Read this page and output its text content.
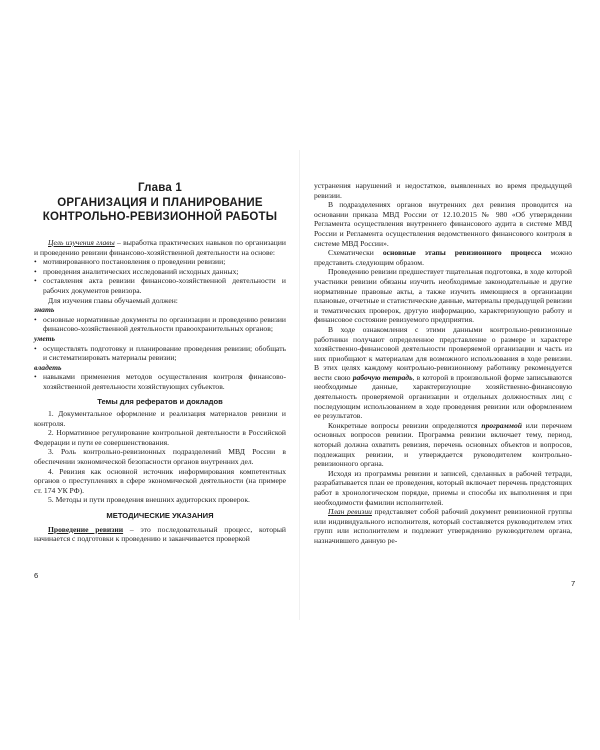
Глава 1
ОРГАНИЗАЦИЯ И ПЛАНИРОВАНИЕ
КОНТРОЛЬНО-РЕВИЗИОННОЙ РАБОТЫ

Цель изучения главы – выработка практических навыков по организации и проведению ревизии финансово-хозяйственной деятельности на основе:

• мотивированного постановления о проведении ревизии;
• проведения аналитических исследований исходных данных;
• составления акта ревизии финансово-хозяйственной деятельности и рабочих документов ревизора.

Для изучения главы обучаемый должен:

знать

• основные нормативные документы по организации и проведению ревизии финансово-хозяйственной деятельности правоохранительных органов;

уметь

• осуществлять подготовку и планирование проведения ревизии; обобщать и систематизировать материалы ревизии;

владеть

• навыками применения методов осуществления контроля финансово-хозяйственной деятельности хозяйствующих субъектов.
Темы для рефератов и докладов

1. Документальное оформление и реализация материалов ревизии и контроля.

2. Нормативное регулирование контрольной деятельности в Российской Федерации и пути ее совершенствования.

3. Роль контрольно-ревизионных подразделений МВД России в обеспечении экономической безопасности органов внутренних дел.

4. Ревизия как основной источник информирования компетентных органов о преступлениях в сфере экономической деятельности (на примере ст. 174 УК РФ).

5. Методы и пути проведения внешних аудиторских проверок.

МЕТОДИЧЕСКИЕ УКАЗАНИЯ

Проведение ревизии – это последовательный процесс, который начинается с подготовки к проведению и заканчивается проверкой

6

устранения нарушений и недостатков, выявленных во время предыдущей ревизии.

В подразделениях органов внутренних дел ревизия проводится на основании приказа МВД России от 12.10.2015 № 980 «Об утверждении Регламента осуществления внутреннего финансового аудита в системе МВД России и Регламента осуществления ведомственного финансового контроля в системе МВД России».

Схематически основные этапы ревизионного процесса можно представить следующим образом.

Проведению ревизии предшествует тщательная подготовка, в ходе которой участники ревизии обязаны изучить необходимые законодательные и другие нормативные правовые акты, а также изучить имеющиеся в организации плановые, отчетные и статистические данные, материалы предыдущей ревизии и тематических проверок, другую информацию, характеризующую работу и финансовое состояние ревизуемого предприятия.

В ходе ознакомления с этими данными контрольно-ревизионные работники получают определенное представление о размере и характере хозяйственно-финансовой деятельности проверяемой организации и часть из них приобщают к материалам для возможного использования в ходе ревизии. В этих целях каждому контрольно-ревизионному работнику рекомендуется вести свою рабочую тетрадь, в которой в произвольной форме записываются необходимые данные, характеризующие хозяйственно-финансовую деятельность проверяемой организации и отдельных должностных лиц с последующим использованием в ходе проведения ревизии или оформлением ее результатов.

Конкретные вопросы ревизии определяются программой или перечнем основных вопросов ревизии. Программа ревизии включает тему, период, который должна охватить ревизия, перечень основных объектов и вопросов, подлежащих ревизии, и утверждается руководителем контрольно-ревизионного органа.

Исходя из программы ревизии и записей, сделанных в рабочей тетради, разрабатывается план ее проведения, который включает перечень предстоящих работ в хронологическом порядке, приемы и способы их выполнения и при необходимости фамилии исполнителей.

План ревизии представляет собой рабочий документ ревизионной группы или индивидуального исполнителя, который составляется руководителем этих групп или исполнителем и подлежит утверждению руководителем органа, назначившего данную ре-

7
